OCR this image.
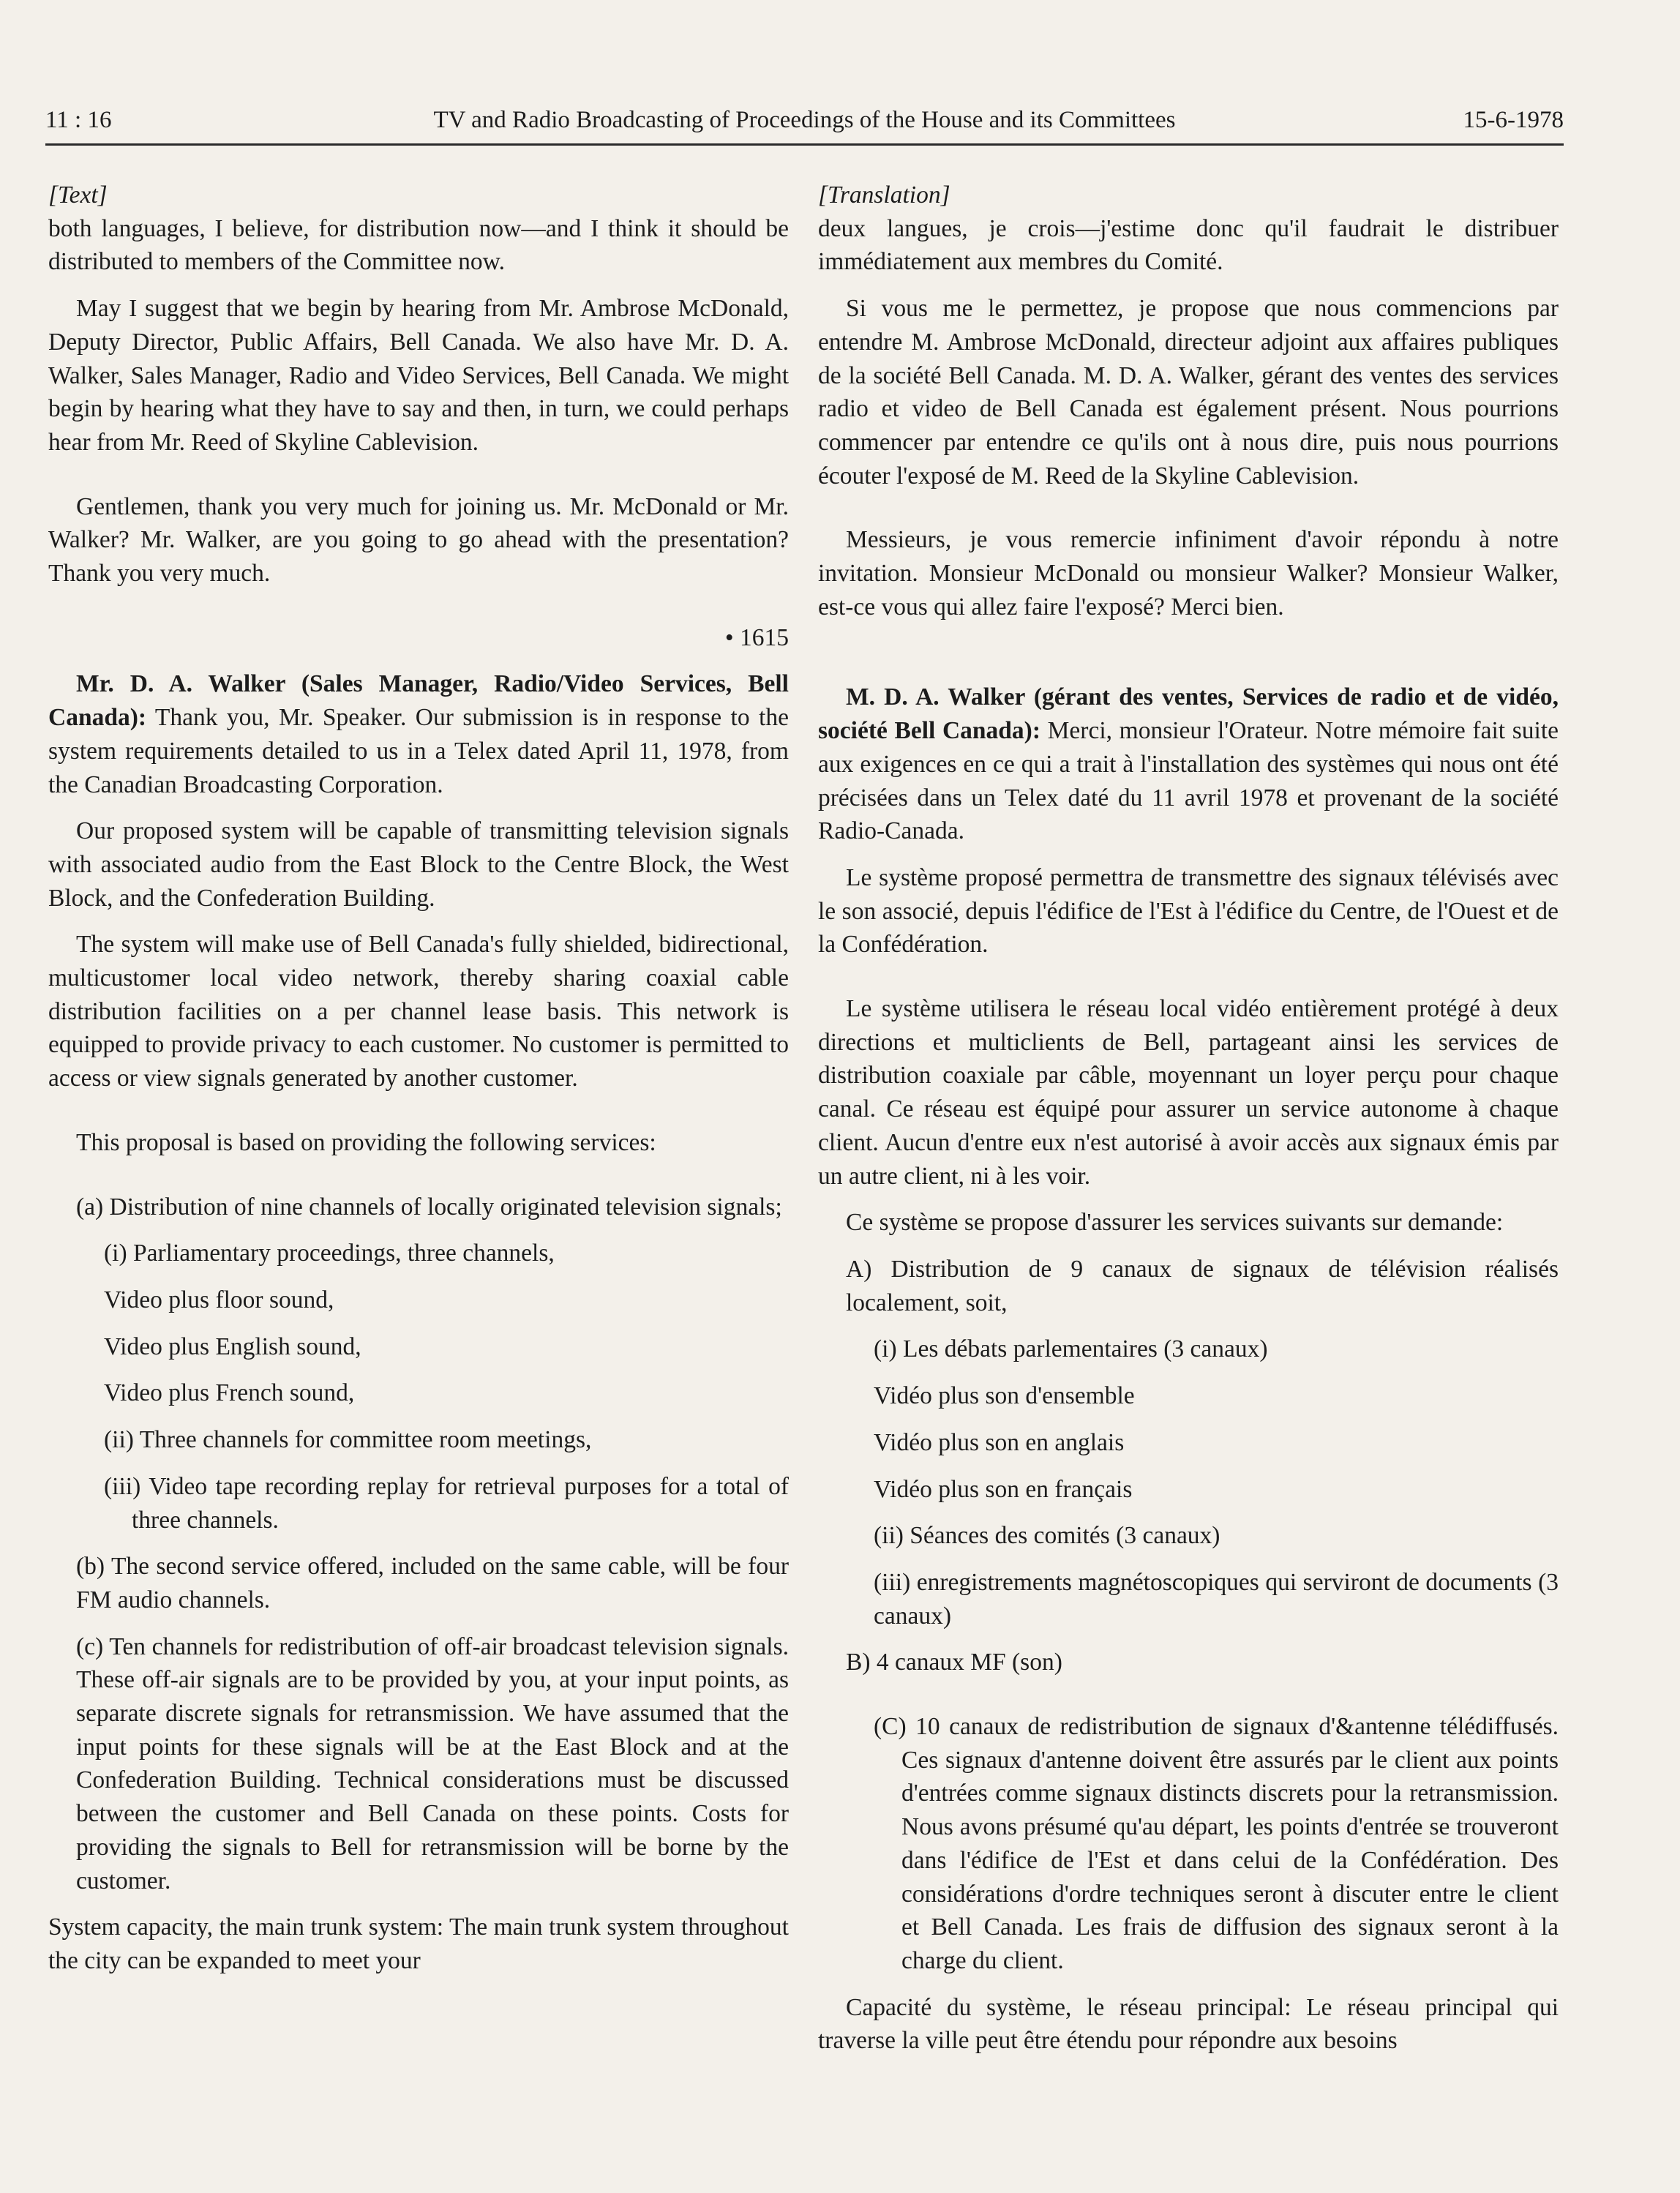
11 : 16	TV and Radio Broadcasting of Proceedings of the House and its Committees	15-6-1978

[Text]

both languages, I believe, for distribution now—and I think it should be distributed to members of the Committee now.

May I suggest that we begin by hearing from Mr. Ambrose McDonald, Deputy Director, Public Affairs, Bell Canada. We also have Mr. D. A. Walker, Sales Manager, Radio and Video Services, Bell Canada. We might begin by hearing what they have to say and then, in turn, we could perhaps hear from Mr. Reed of Skyline Cablevision.

Gentlemen, thank you very much for joining us. Mr. McDonald or Mr. Walker? Mr. Walker, are you going to go ahead with the presentation? Thank you very much.

• 1615

Mr. D. A. Walker (Sales Manager, Radio/Video Services, Bell Canada): Thank you, Mr. Speaker. Our submission is in response to the system requirements detailed to us in a Telex dated April 11, 1978, from the Canadian Broadcasting Corporation.

Our proposed system will be capable of transmitting television signals with associated audio from the East Block to the Centre Block, the West Block, and the Confederation Building.

The system will make use of Bell Canada's fully shielded, bidirectional, multicustomer local video network, thereby sharing coaxial cable distribution facilities on a per channel lease basis. This network is equipped to provide privacy to each customer. No customer is permitted to access or view signals generated by another customer.

This proposal is based on providing the following services:

(a) Distribution of nine channels of locally originated television signals;

(i) Parliamentary proceedings, three channels,

Video plus floor sound,

Video plus English sound,

Video plus French sound,

(ii) Three channels for committee room meetings,

(iii) Video tape recording replay for retrieval purposes for a total of three channels.

(b) The second service offered, included on the same cable, will be four FM audio channels.

(c) Ten channels for redistribution of off-air broadcast television signals. These off-air signals are to be provided by you, at your input points, as separate discrete signals for retransmission. We have assumed that the input points for these signals will be at the East Block and at the Confederation Building. Technical considerations must be discussed between the customer and Bell Canada on these points. Costs for providing the signals to Bell for retransmission will be borne by the customer.

System capacity, the main trunk system: The main trunk system throughout the city can be expanded to meet your

[Translation]

deux langues, je crois—j'estime donc qu'il faudrait le distribuer immédiatement aux membres du Comité.

Si vous me le permettez, je propose que nous commencions par entendre M. Ambrose McDonald, directeur adjoint aux affaires publiques de la société Bell Canada. M. D. A. Walker, gérant des ventes des services radio et video de Bell Canada est également présent. Nous pourrions commencer par entendre ce qu'ils ont à nous dire, puis nous pourrions écouter l'exposé de M. Reed de la Skyline Cablevision.

Messieurs, je vous remercie infiniment d'avoir répondu à notre invitation. Monsieur McDonald ou monsieur Walker? Monsieur Walker, est-ce vous qui allez faire l'exposé? Merci bien.

M. D. A. Walker (gérant des ventes, Services de radio et de vidéo, société Bell Canada): Merci, monsieur l'Orateur. Notre mémoire fait suite aux exigences en ce qui a trait à l'installation des systèmes qui nous ont été précisées dans un Telex daté du 11 avril 1978 et provenant de la société Radio-Canada.

Le système proposé permettra de transmettre des signaux télévisés avec le son associé, depuis l'édifice de l'Est à l'édifice du Centre, de l'Ouest et de la Confédération.

Le système utilisera le réseau local vidéo entièrement protégé à deux directions et multiclients de Bell, partageant ainsi les services de distribution coaxiale par câble, moyennant un loyer perçu pour chaque canal. Ce réseau est équipé pour assurer un service autonome à chaque client. Aucun d'entre eux n'est autorisé à avoir accès aux signaux émis par un autre client, ni à les voir.

Ce système se propose d'assurer les services suivants sur demande:

A) Distribution de 9 canaux de signaux de télévision réalisés localement, soit,

(i) Les débats parlementaires (3 canaux)

Vidéo plus son d'ensemble

Vidéo plus son en anglais

Vidéo plus son en français

(ii) Séances des comités (3 canaux)

(iii) enregistrements magnétoscopiques qui serviront de documents (3 canaux)

B) 4 canaux MF (son)

(C) 10 canaux de redistribution de signaux d'&antenne télédiffusés. Ces signaux d'antenne doivent être assurés par le client aux points d'entrées comme signaux distincts discrets pour la retransmission. Nous avons présumé qu'au départ, les points d'entrée se trouveront dans l'édifice de l'Est et dans celui de la Confédération. Des considérations d'ordre techniques seront à discuter entre le client et Bell Canada. Les frais de diffusion des signaux seront à la charge du client.

Capacité du système, le réseau principal: Le réseau principal qui traverse la ville peut être étendu pour répondre aux besoins
